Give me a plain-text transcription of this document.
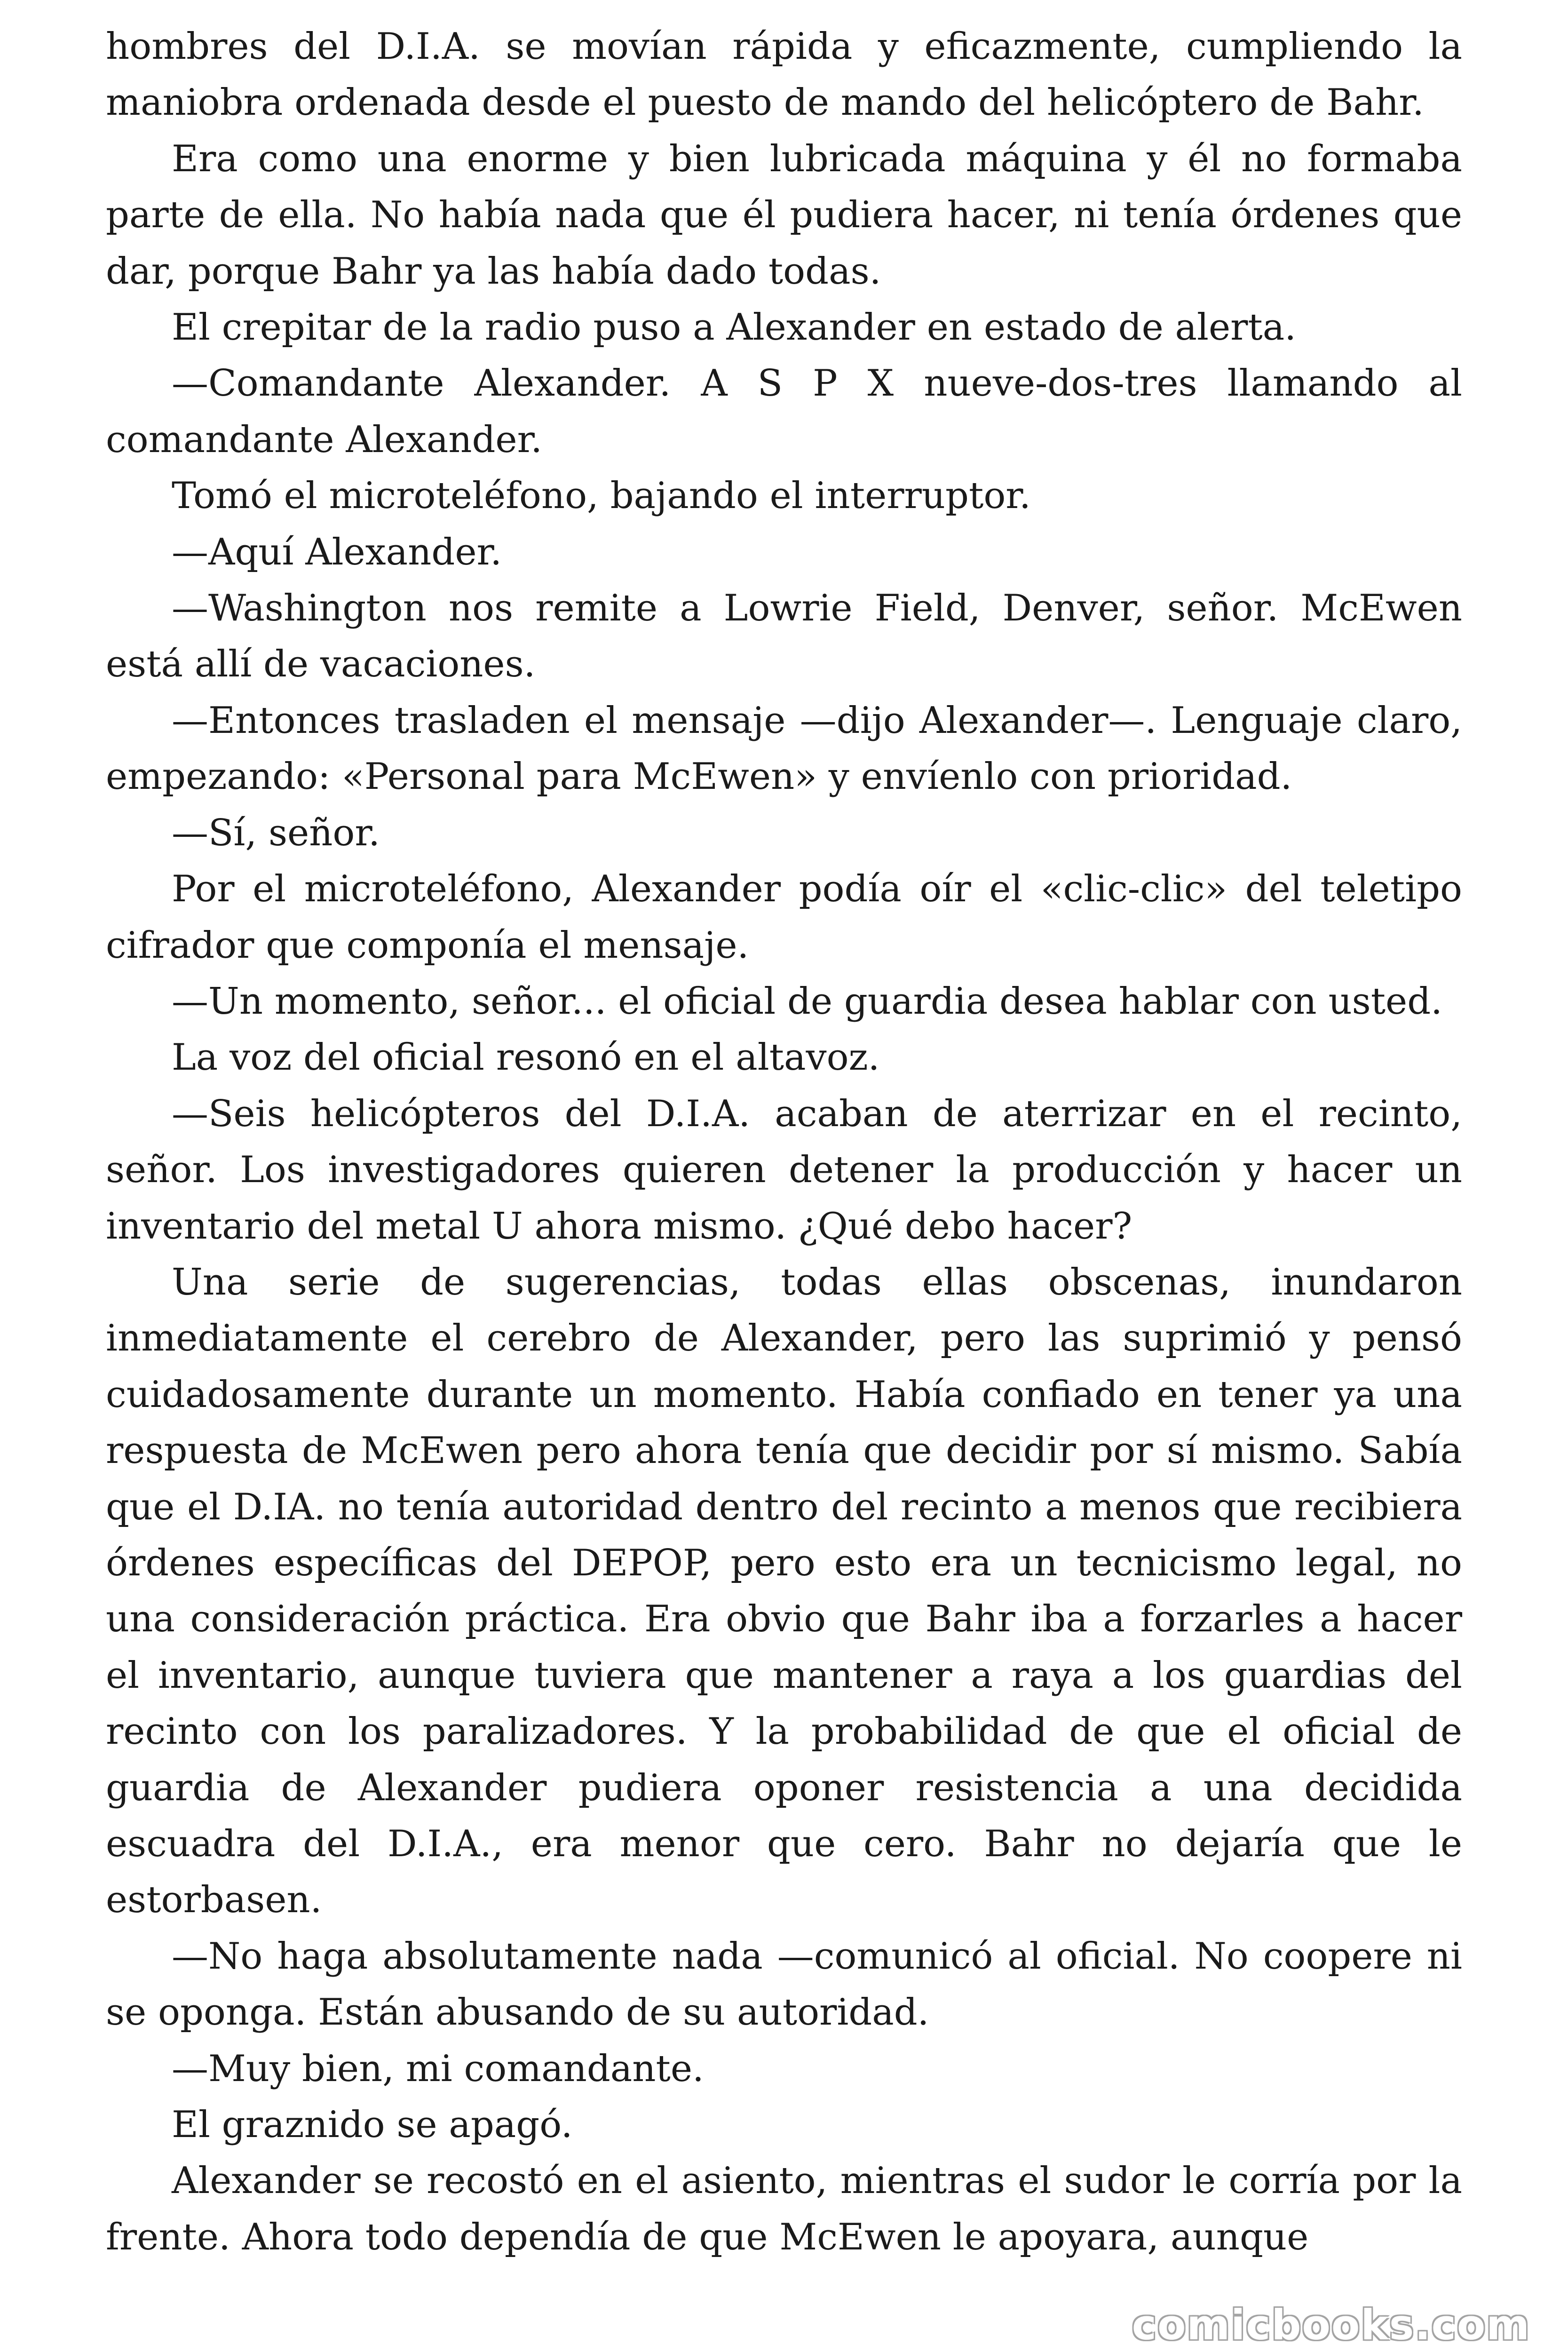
hombres del D.I.A. se movían rápida y eficazmente, cumpliendo la maniobra ordenada desde el puesto de mando del helicóptero de Bahr.

Era como una enorme y bien lubricada máquina y él no formaba parte de ella. No había nada que él pudiera hacer, ni tenía órdenes que dar, porque Bahr ya las había dado todas.

El crepitar de la radio puso a Alexander en estado de alerta.

—Comandante Alexander. A S P X nueve-dos-tres llamando al comandante Alexander.

Tomó el microteléfono, bajando el interruptor.

—Aquí Alexander.

—Washington nos remite a Lowrie Field, Denver, señor. McEwen está allí de vacaciones.

—Entonces trasladen el mensaje —dijo Alexander—. Lenguaje claro, empezando: «Personal para McEwen» y envíenlo con prioridad.

—Sí, señor.

Por el microteléfono, Alexander podía oír el «clic-clic» del teletipo cifrador que componía el mensaje.

—Un momento, señor... el oficial de guardia desea hablar con usted.

La voz del oficial resonó en el altavoz.

—Seis helicópteros del D.I.A. acaban de aterrizar en el recinto, señor. Los investigadores quieren detener la producción y hacer un inventario del metal U ahora mismo. ¿Qué debo hacer?

Una serie de sugerencias, todas ellas obscenas, inundaron inmediatamente el cerebro de Alexander, pero las suprimió y pensó cuidadosamente durante un momento. Había confiado en tener ya una respuesta de McEwen pero ahora tenía que decidir por sí mismo. Sabía que el D.IA. no tenía autoridad dentro del recinto a menos que recibiera órdenes específicas del DEPOP, pero esto era un tecnicismo legal, no una consideración práctica. Era obvio que Bahr iba a forzarles a hacer el inventario, aunque tuviera que mantener a raya a los guardias del recinto con los paralizadores. Y la probabilidad de que el oficial de guardia de Alexander pudiera oponer resistencia a una decidida escuadra del D.I.A., era menor que cero. Bahr no dejaría que le estorbasen.

—No haga absolutamente nada —comunicó al oficial. No coopere ni se oponga. Están abusando de su autoridad.

—Muy bien, mi comandante.

El graznido se apagó.

Alexander se recostó en el asiento, mientras el sudor le corría por la frente. Ahora todo dependía de que McEwen le apoyara, aunque

comicbooks.com
